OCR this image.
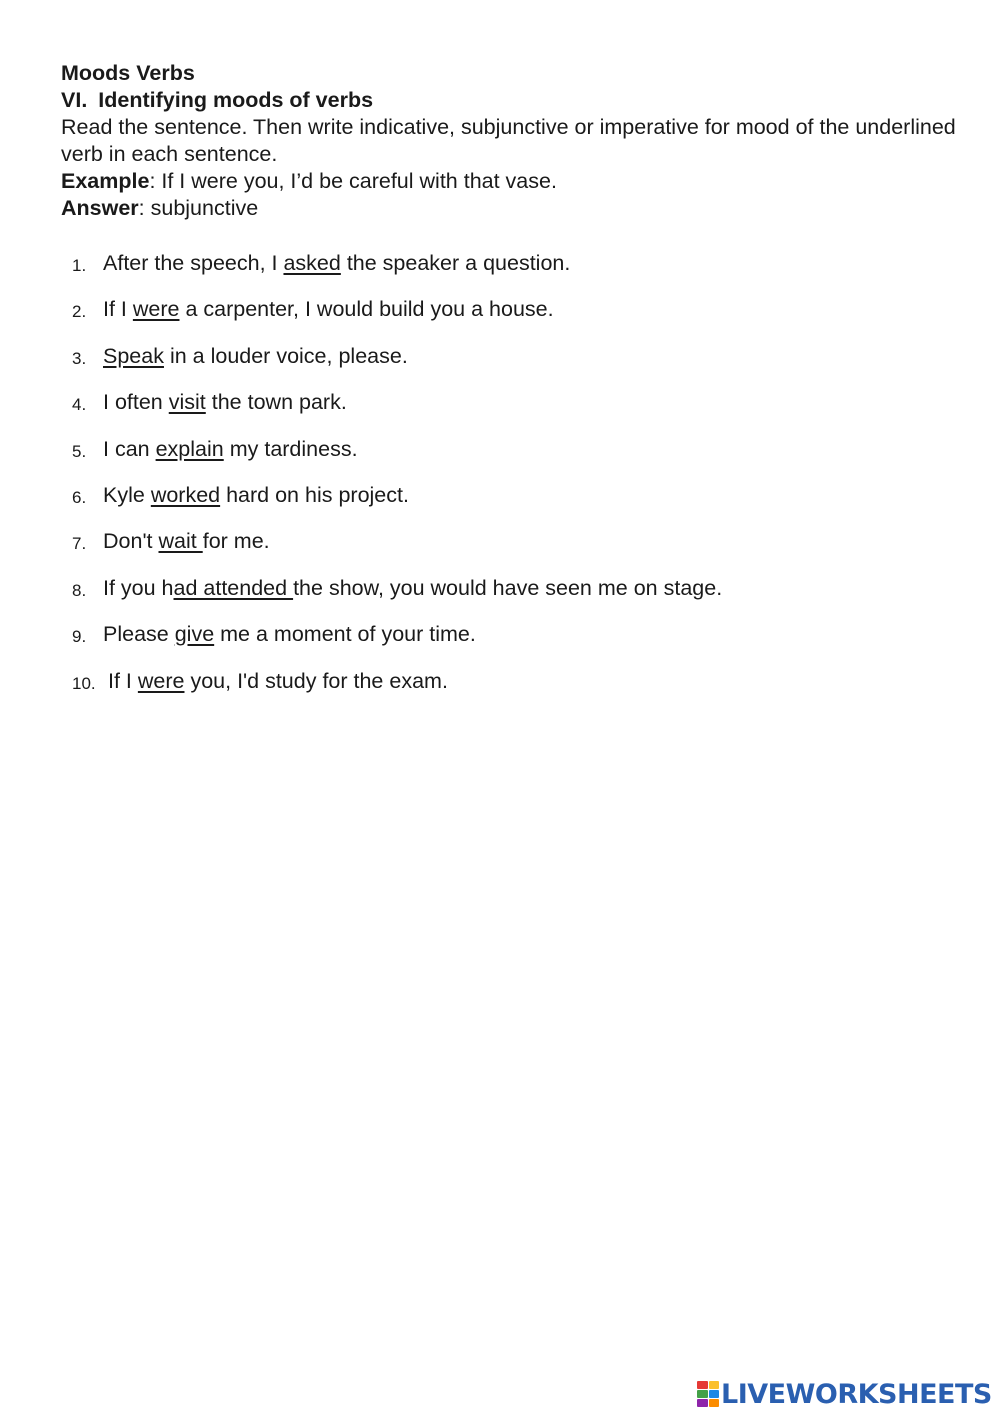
Moods Verbs

VI. Identifying moods of verbs

Read the sentence. Then write indicative, subjunctive or imperative for mood of the underlined verb in each sentence.

Example: If I were you, I’d be careful with that vase.

Answer: subjunctive

1. After the speech, I asked the speaker a question.
2. If I were a carpenter, I would build you a house.
3. Speak in a louder voice, please.
4. I often visit the town park.
5. I can explain my tardiness.
6. Kyle worked hard on his project.
7. Don't wait for me.
8. If you had attended the show, you would have seen me on stage.
9. Please give me a moment of your time.
10. If I were you, I'd study for the exam.
LIVEWORKSHEETS
